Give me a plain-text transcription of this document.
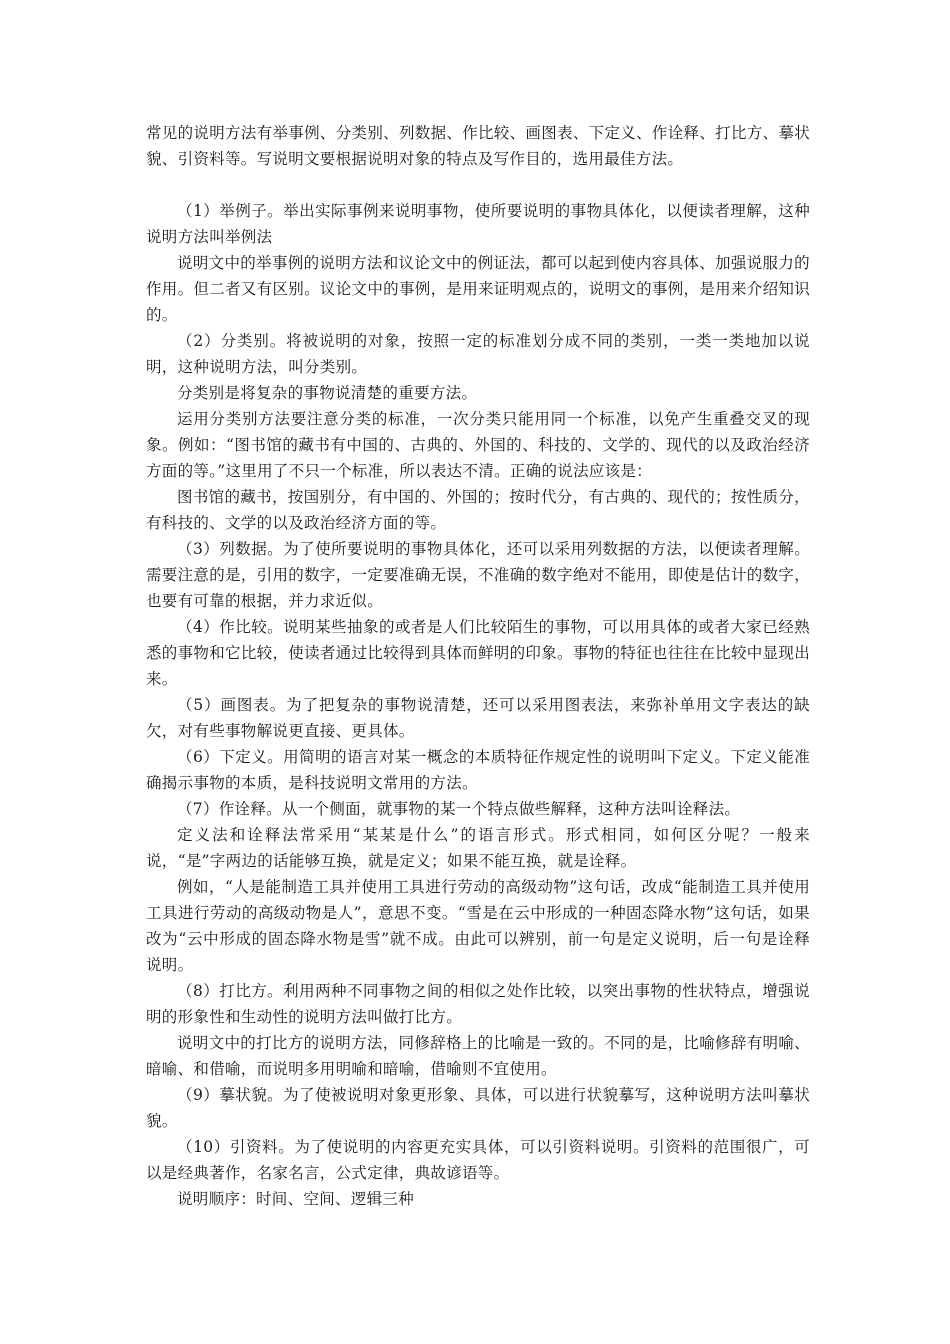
常见的说明方法有举事例、分类别、列数据、作比较、画图表、下定义、作诠释、打比方、摹状貌、引资料等。写说明文要根据说明对象的特点及写作目的，选用最佳方法。

（1）举例子。举出实际事例来说明事物，使所要说明的事物具体化，以便读者理解，这种说明方法叫举例法

说明文中的举事例的说明方法和议论文中的例证法，都可以起到使内容具体、加强说服力的作用。但二者又有区别。议论文中的事例，是用来证明观点的，说明文的事例，是用来介绍知识的。

（2）分类别。将被说明的对象，按照一定的标准划分成不同的类别，一类一类地加以说明，这种说明方法，叫分类别。

分类别是将复杂的事物说清楚的重要方法。

运用分类别方法要注意分类的标准，一次分类只能用同一个标准，以免产生重叠交叉的现象。例如：“图书馆的藏书有中国的、古典的、外国的、科技的、文学的、现代的以及政治经济方面的等。”这里用了不只一个标准，所以表达不清。正确的说法应该是：

图书馆的藏书，按国别分，有中国的、外国的；按时代分，有古典的、现代的；按性质分，有科技的、文学的以及政治经济方面的等。

（3）列数据。为了使所要说明的事物具体化，还可以采用列数据的方法，以便读者理解。需要注意的是，引用的数字，一定要准确无误，不准确的数字绝对不能用，即使是估计的数字，也要有可靠的根据，并力求近似。

（4）作比较。说明某些抽象的或者是人们比较陌生的事物，可以用具体的或者大家已经熟悉的事物和它比较，使读者通过比较得到具体而鲜明的印象。事物的特征也往往在比较中显现出来。

（5）画图表。为了把复杂的事物说清楚，还可以采用图表法，来弥补单用文字表达的缺欠，对有些事物解说更直接、更具体。

（6）下定义。用简明的语言对某一概念的本质特征作规定性的说明叫下定义。下定义能准确揭示事物的本质，是科技说明文常用的方法。

（7）作诠释。从一个侧面，就事物的某一个特点做些解释，这种方法叫诠释法。

定义法和诠释法常采用“某某是什么”的语言形式。形式相同，如何区分呢？一般来说，“是”字两边的话能够互换，就是定义；如果不能互换，就是诠释。

例如，“人是能制造工具并使用工具进行劳动的高级动物”这句话，改成“能制造工具并使用工具进行劳动的高级动物是人”，意思不变。“雪是在云中形成的一种固态降水物”这句话，如果改为“云中形成的固态降水物是雪”就不成。由此可以辨别，前一句是定义说明，后一句是诠释说明。

（8）打比方。利用两种不同事物之间的相似之处作比较，以突出事物的性状特点，增强说明的形象性和生动性的说明方法叫做打比方。

说明文中的打比方的说明方法，同修辞格上的比喻是一致的。不同的是，比喻修辞有明喻、暗喻、和借喻，而说明多用明喻和暗喻，借喻则不宜使用。

（9）摹状貌。为了使被说明对象更形象、具体，可以进行状貌摹写，这种说明方法叫摹状貌。

（10）引资料。为了使说明的内容更充实具体，可以引资料说明。引资料的范围很广，可以是经典著作，名家名言，公式定律，典故谚语等。

说明顺序：时间、空间、逻辑三种
